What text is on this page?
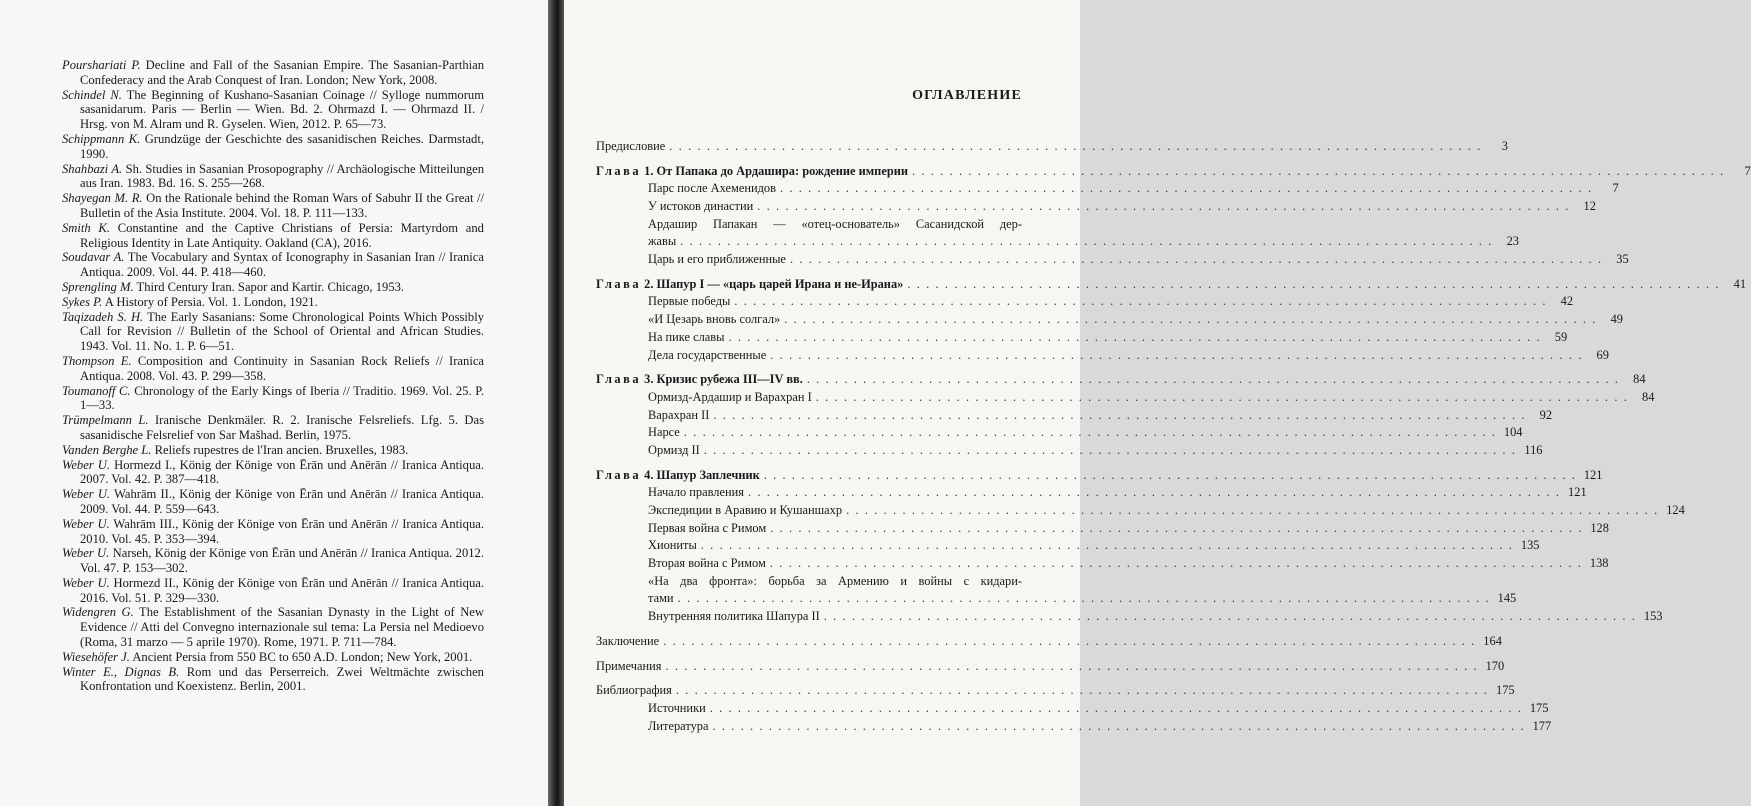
Pourshariati P. Decline and Fall of the Sasanian Empire. The Sasanian-Parthian Confederacy and the Arab Conquest of Iran. London; New York, 2008.
Schindel N. The Beginning of Kushano-Sasanian Coinage // Sylloge nummorum sasanidarum. Paris — Berlin — Wien. Bd. 2. Ohrmazd I. — Ohrmazd II. / Hrsg. von M. Alram und R. Gyselen. Wien, 2012. P. 65—73.
Schippmann K. Grundzüge der Geschichte des sasanidischen Reiches. Darmstadt, 1990.
Shahbazi A. Sh. Studies in Sasanian Prosopography // Archäologische Mitteilungen aus Iran. 1983. Bd. 16. S. 255—268.
Shayegan M. R. On the Rationale behind the Roman Wars of Sabuhr II the Great // Bulletin of the Asia Institute. 2004. Vol. 18. P. 111—133.
Smith K. Constantine and the Captive Christians of Persia: Martyrdom and Religious Identity in Late Antiquity. Oakland (CA), 2016.
Soudavar A. The Vocabulary and Syntax of Iconography in Sasanian Iran // Iranica Antiqua. 2009. Vol. 44. P. 418—460.
Sprengling M. Third Century Iran. Sapor and Kartir. Chicago, 1953.
Sykes P. A History of Persia. Vol. 1. London, 1921.
Taqizadeh S. H. The Early Sasanians: Some Chronological Points Which Possibly Call for Revision // Bulletin of the School of Oriental and African Studies. 1943. Vol. 11. No. 1. P. 6—51.
Thompson E. Composition and Continuity in Sasanian Rock Reliefs // Iranica Antiqua. 2008. Vol. 43. P. 299—358.
Toumanoff C. Chronology of the Early Kings of Iberia // Traditio. 1969. Vol. 25. P. 1—33.
Trümpelmann L. Iranische Denkmäler. R. 2. Iranische Felsreliefs. Lfg. 5. Das sasanidische Felsrelief von Sar Mašhad. Berlin, 1975.
Vanden Berghe L. Reliefs rupestres de l'Iran ancien. Bruxelles, 1983.
Weber U. Hormezd I., König der Könige von Ērān und Anērān // Iranica Antiqua. 2007. Vol. 42. P. 387—418.
Weber U. Wahrām II., König der Könige von Ērān und Anērān // Iranica Antiqua. 2009. Vol. 44. P. 559—643.
Weber U. Wahrām III., König der Könige von Ērān und Anērān // Iranica Antiqua. 2010. Vol. 45. P. 353—394.
Weber U. Narseh, König der Könige von Ērān und Anērān // Iranica Antiqua. 2012. Vol. 47. P. 153—302.
Weber U. Hormezd II., König der Könige von Ērān und Anērān // Iranica Antiqua. 2016. Vol. 51. P. 329—330.
Widengren G. The Establishment of the Sasanian Dynasty in the Light of New Evidence // Atti del Convegno internazionale sul tema: La Persia nel Medioevo (Roma, 31 marzo — 5 aprile 1970). Rome, 1971. P. 711—784.
Wiesehöfer J. Ancient Persia from 550 BC to 650 A.D. London; New York, 2001.
Winter E., Dignas B. Rom und das Perserreich. Zwei Weltmächte zwischen Konfrontation und Koexistenz. Berlin, 2001.
ОГЛАВЛЕНИЕ
Предисловие . . .	3
Глава 1. От Папака до Ардашира: рождение империи . . .	7
Парс после Ахеменидов . . .	7
У истоков династии . . .	12
Ардашир Папакан — «отец-основатель» Сасанидской дер-
жавы . . .	23
Царь и его приближенные . . .	35
Глава 2. Шапур I — «царь царей Ирана и не-Ирана» . . .	41
Первые победы . . .	42
«И Цезарь вновь солгал» . . .	49
На пике славы . . .	59
Дела государственные . . .	69
Глава 3. Кризис рубежа III—IV вв. . . .	84
Ормизд-Ардашир и Варахран I . . .	84
Варахран II . . .	92
Нарсе . . .	104
Ормизд II . . .	116
Глава 4. Шапур Заплечник . . .	121
Начало правления . . .	121
Экспедиции в Аравию и Кушаншахр . . .	124
Первая война с Римом . . .	128
Хиониты . . .	135
Вторая война с Римом . . .	138
«На два фронта»: борьба за Армению и войны с кидари-
тами . . .	145
Внутренняя политика Шапура II . . .	153
Заключение . . .	164
Примечания . . .	170
Библиография . . .	175
Источники . . .	175
Литература . . .	177
